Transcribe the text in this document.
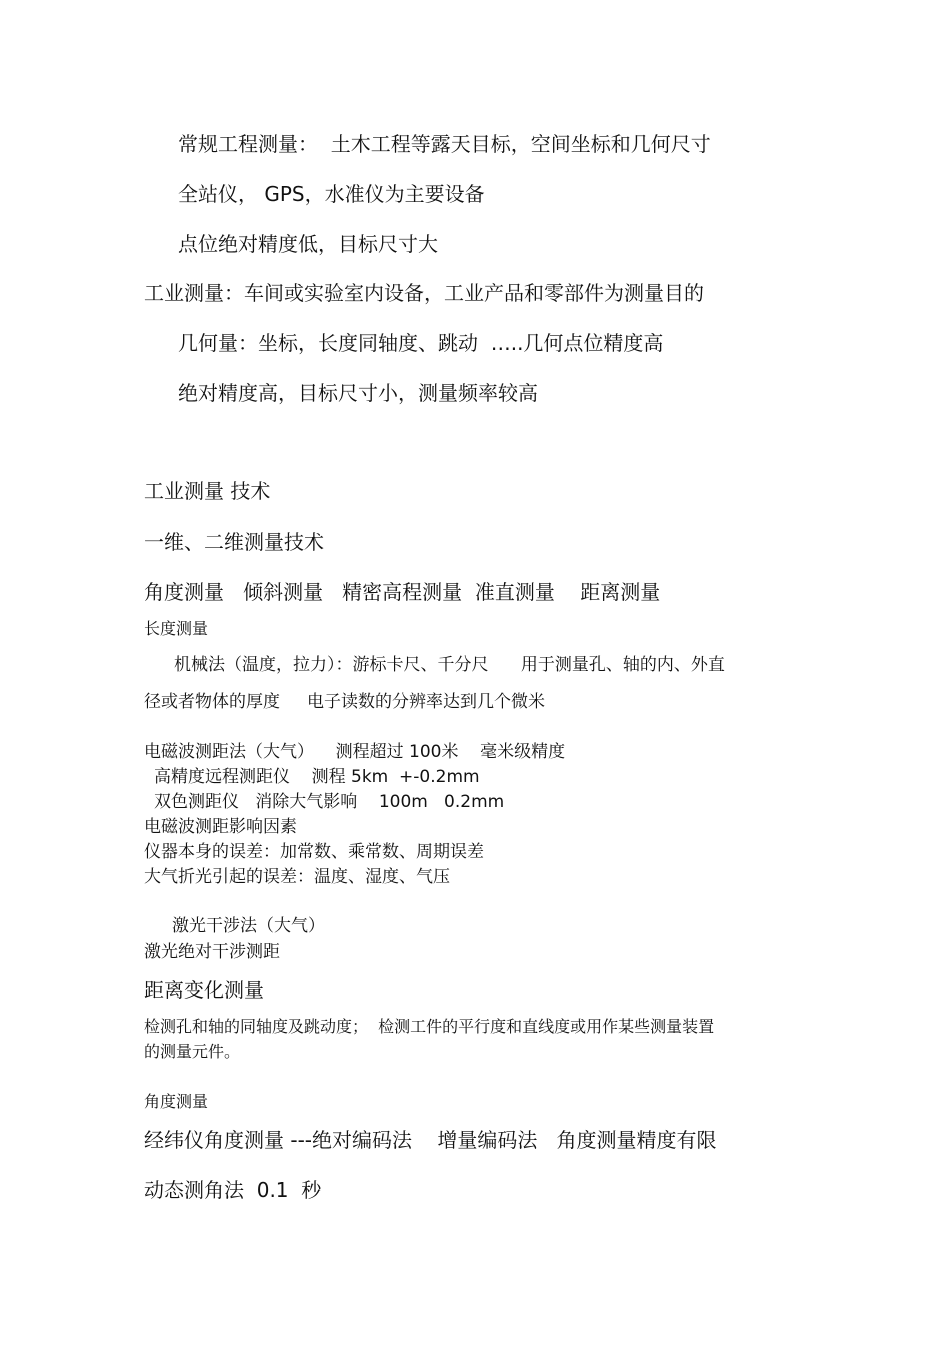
常规工程测量：  土木工程等露天目标，空间坐标和几何尺寸
全站仪， GPS，水准仪为主要设备
点位绝对精度低，目标尺寸大
工业测量：车间或实验室内设备，工业产品和零部件为测量目的
几何量：坐标，长度同轴度、跳动  …..几何点位精度高
绝对精度高，目标尺寸小，测量频率较高
工业测量 技术
一维、二维测量技术
角度测量   倾斜测量   精密高程测量  准直测量    距离测量
长度测量
机械法（温度，拉力）：游标卡尺、千分尺      用于测量孔、轴的内、外直
径或者物体的厚度     电子读数的分辨率达到几个微米
电磁波测距法（大气）    测程超过 100米    毫米级精度
高精度远程测距仪    测程 5km  +-0.2mm
双色测距仪   消除大气影响    100m   0.2mm
电磁波测距影响因素
仪器本身的误差：加常数、乘常数、周期误差
大气折光引起的误差：温度、湿度、气压
激光干涉法（大气）
激光绝对干涉测距
距离变化测量
检测孔和轴的同轴度及跳动度；  检测工件的平行度和直线度或用作某些测量装置
的测量元件。
角度测量
经纬仪角度测量 ---绝对编码法    增量编码法   角度测量精度有限
动态测角法  0.1  秒
